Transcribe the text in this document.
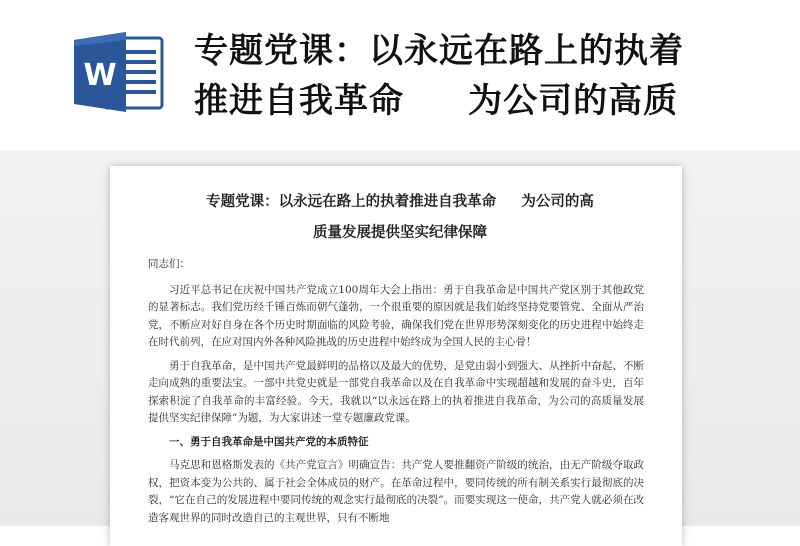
W
专题党课：以永远在路上的执着
推进自我革命     为公司的高质
专题党课：以永远在路上的执着推进自我革命     为公司的高
质量发展提供坚实纪律保障

同志们：

习近平总书记在庆祝中国共产党成立100周年大会上指出：勇于自我革命是中国共产党区别于其他政党的显著标志。我们党历经千锤百炼而朝气蓬勃，一个很重要的原因就是我们始终坚持党要管党、全面从严治党，不断应对好自身在各个历史时期面临的风险考验，确保我们党在世界形势深刻变化的历史进程中始终走在时代前列，在应对国内外各种风险挑战的历史进程中始终成为全国人民的主心骨！

勇于自我革命，是中国共产党最鲜明的品格以及最大的优势，是党由弱小到强大、从挫折中奋起、不断走向成熟的重要法宝。一部中共党史就是一部党自我革命以及在自我革命中实现超越和发展的奋斗史，百年探索积淀了自我革命的丰富经验。今天，我就以“以永远在路上的执着推进自我革命，为公司的高质量发展提供坚实纪律保障”为题，为大家讲述一堂专题廉政党课。

一、勇于自我革命是中国共产党的本质特征

马克思和恩格斯发表的《共产党宣言》明确宣告：共产党人要推翻资产阶级的统治，由无产阶级夺取政权，把资本变为公共的、属于社会全体成员的财产。在革命过程中，要同传统的所有制关系实行最彻底的决裂，“它在自己的发展进程中要同传统的观念实行最彻底的决裂”。而要实现这一使命，共产党人就必须在改造客观世界的同时改造自己的主观世界，只有不断地
